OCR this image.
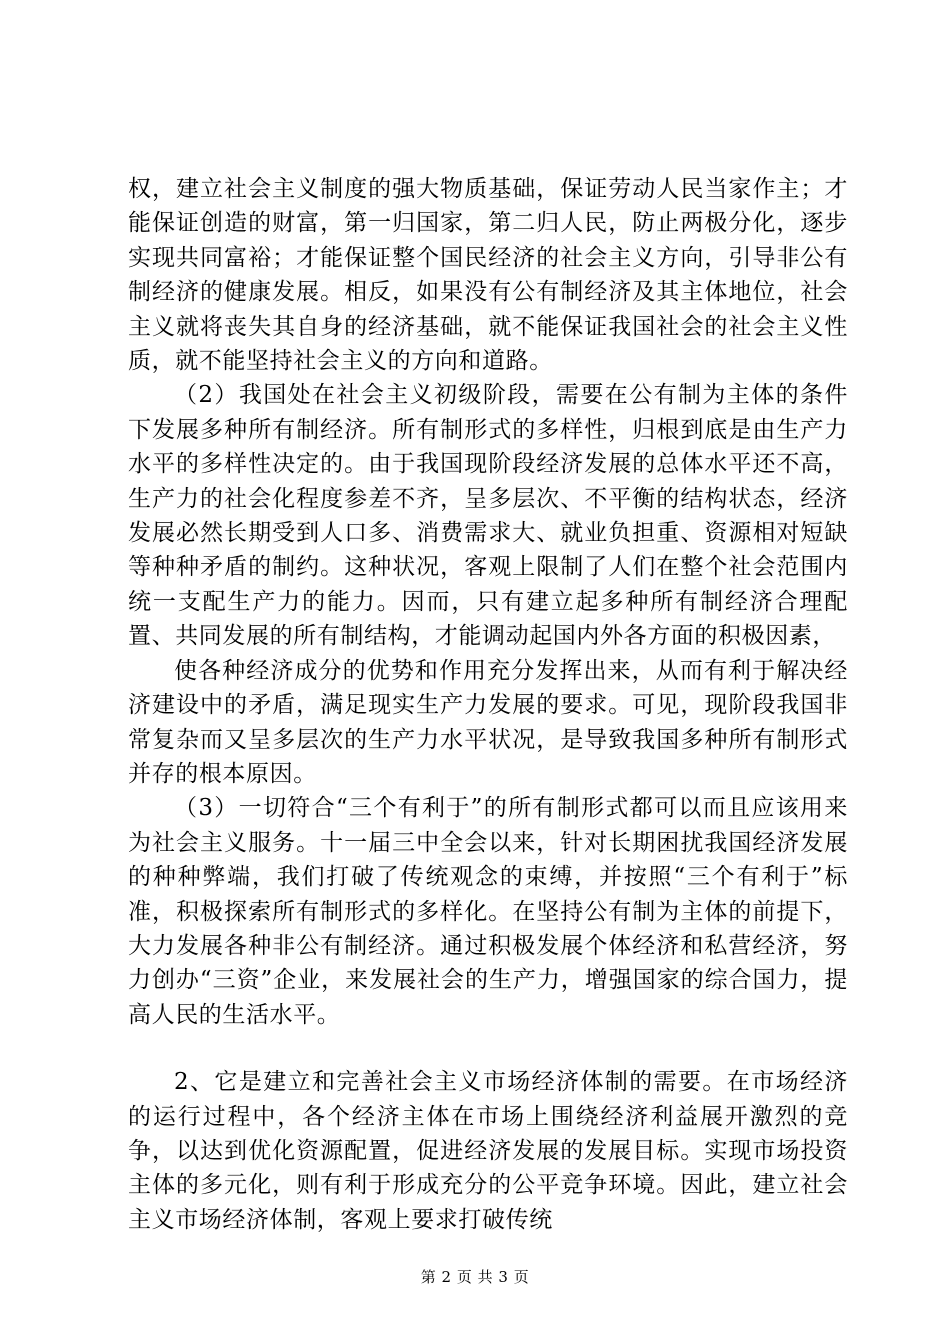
权，建立社会主义制度的强大物质基础，保证劳动人民当家作主；才能保证创造的财富，第一归国家，第二归人民，防止两极分化，逐步实现共同富裕；才能保证整个国民经济的社会主义方向，引导非公有制经济的健康发展。相反，如果没有公有制经济及其主体地位，社会主义就将丧失其自身的经济基础，就不能保证我国社会的社会主义性质，就不能坚持社会主义的方向和道路。

（2）我国处在社会主义初级阶段，需要在公有制为主体的条件下发展多种所有制经济。所有制形式的多样性，归根到底是由生产力水平的多样性决定的。由于我国现阶段经济发展的总体水平还不高，生产力的社会化程度参差不齐，呈多层次、不平衡的结构状态，经济发展必然长期受到人口多、消费需求大、就业负担重、资源相对短缺等种种矛盾的制约。这种状况，客观上限制了人们在整个社会范围内统一支配生产力的能力。因而，只有建立起多种所有制经济合理配置、共同发展的所有制结构，才能调动起国内外各方面的积极因素，

使各种经济成分的优势和作用充分发挥出来，从而有利于解决经济建设中的矛盾，满足现实生产力发展的要求。可见，现阶段我国非常复杂而又呈多层次的生产力水平状况，是导致我国多种所有制形式并存的根本原因。

（3）一切符合“三个有利于”的所有制形式都可以而且应该用来为社会主义服务。十一届三中全会以来，针对长期困扰我国经济发展的种种弊端，我们打破了传统观念的束缚，并按照“三个有利于”标准，积极探索所有制形式的多样化。在坚持公有制为主体的前提下，大力发展各种非公有制经济。通过积极发展个体经济和私营经济，努力创办“三资”企业，来发展社会的生产力，增强国家的综合国力，提高人民的生活水平。

2、它是建立和完善社会主义市场经济体制的需要。在市场经济的运行过程中，各个经济主体在市场上围绕经济利益展开激烈的竞争，以达到优化资源配置，促进经济发展的发展目标。实现市场投资主体的多元化，则有利于形成充分的公平竞争环境。因此，建立社会主义市场经济体制，客观上要求打破传统

第 2 页 共 3 页
